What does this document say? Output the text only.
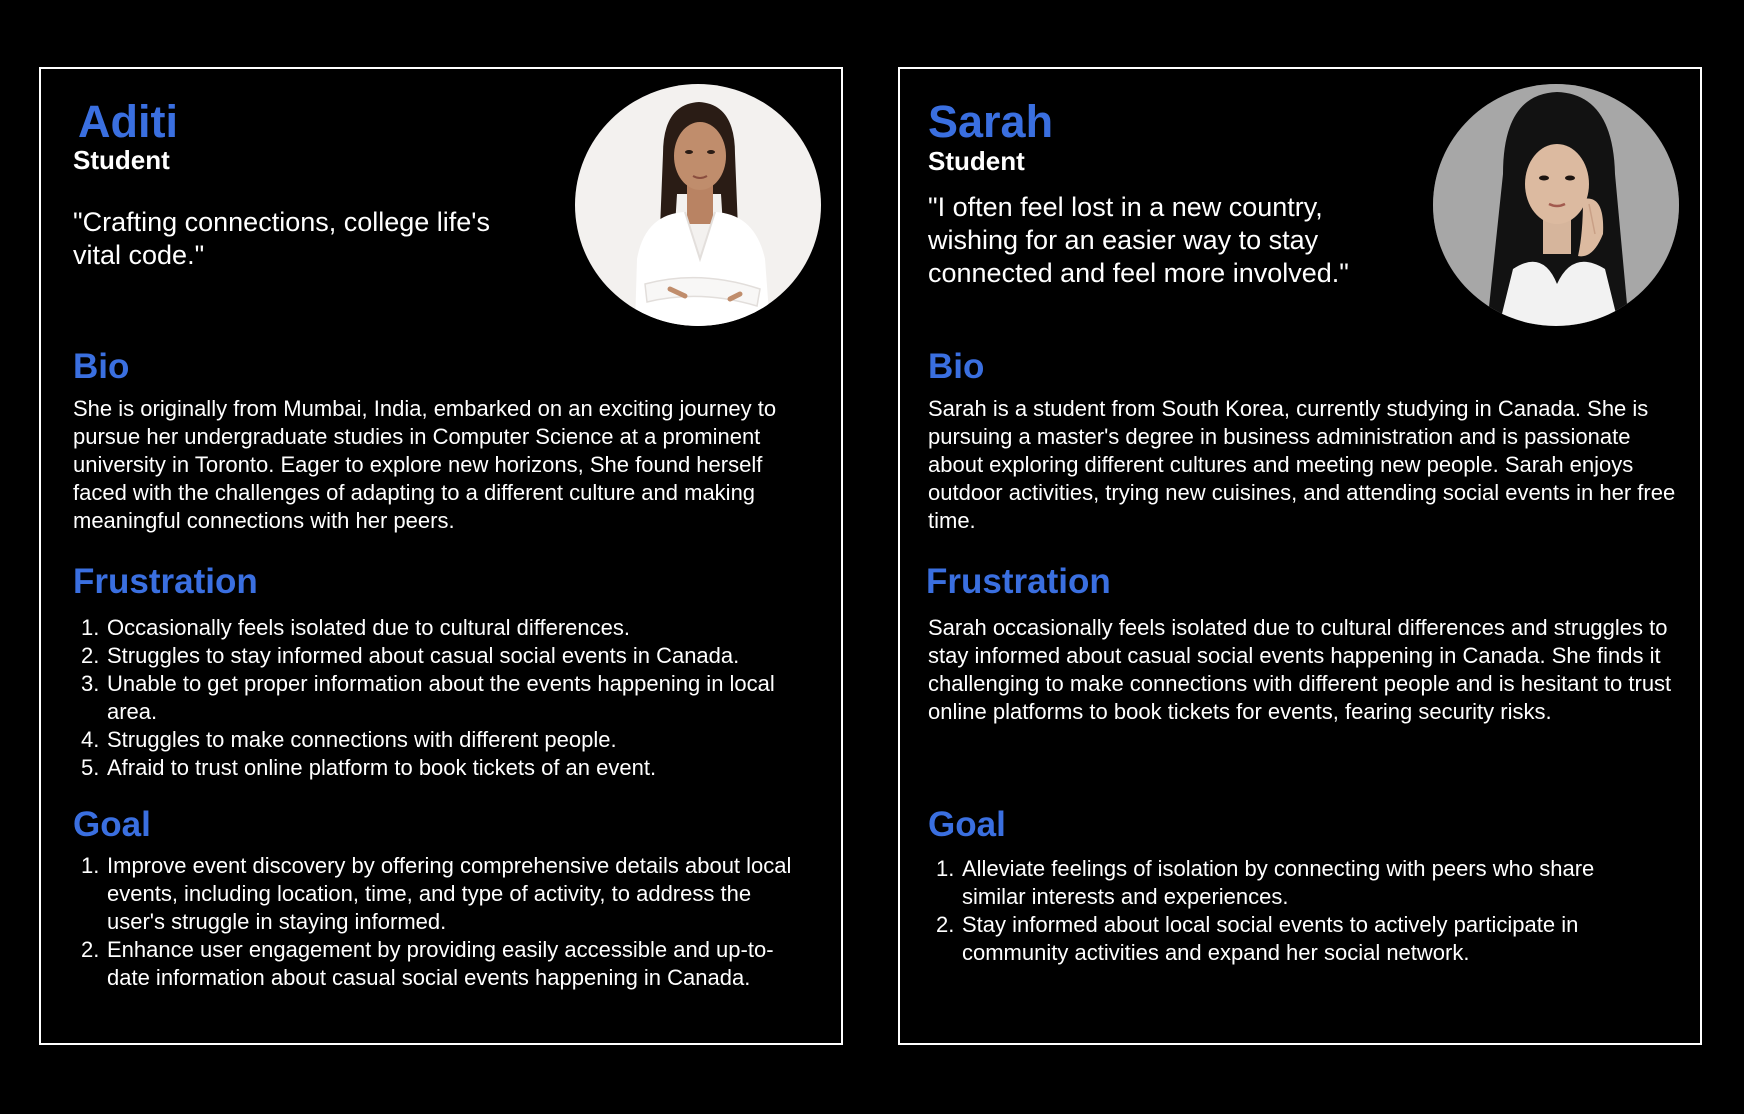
Aditi
Student

"Crafting connections, college life's vital code."

Bio

She is originally from Mumbai, India, embarked on an exciting journey to pursue her undergraduate studies in Computer Science at a prominent university in Toronto. Eager to explore new horizons, She found herself faced with the challenges of adapting to a different culture and making meaningful connections with her peers.

Frustration
1. Occasionally feels isolated due to cultural differences.
2. Struggles to stay informed about casual social events in Canada.
3. Unable to get proper information about the events happening in local area.
4. Struggles to make connections with different people.
5. Afraid to trust online platform to book tickets of an event.
Goal
1. Improve event discovery by offering comprehensive details about local events, including location, time, and type of activity, to address the user's struggle in staying informed.
2. Enhance user engagement by providing easily accessible and up-to-date information about casual social events happening in Canada.
Sarah
Student

"I often feel lost in a new country, wishing for an easier way to stay connected and feel more involved."

Bio

Sarah is a student from South Korea, currently studying in Canada. She is pursuing a master's degree in business administration and is passionate about exploring different cultures and meeting new people. Sarah enjoys outdoor activities, trying new cuisines, and attending social events in her free time.

Frustration

Sarah occasionally feels isolated due to cultural differences and struggles to stay informed about casual social events happening in Canada. She finds it challenging to make connections with different people and is hesitant to trust online platforms to book tickets for events, fearing security risks.

Goal
1. Alleviate feelings of isolation by connecting with peers who share similar interests and experiences.
2. Stay informed about local social events to actively participate in community activities and expand her social network.
